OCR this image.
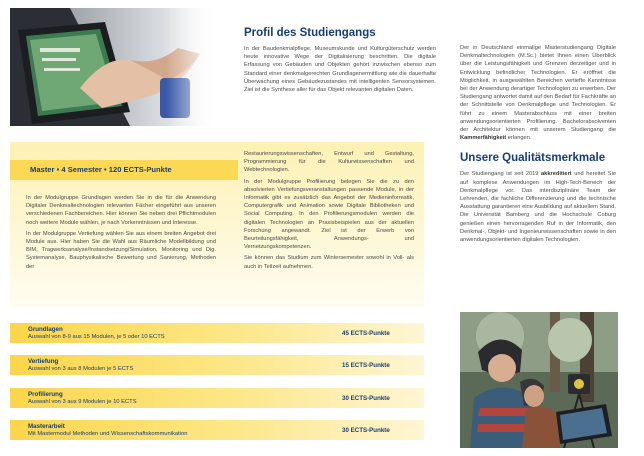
Profil des Studiengangs

In der Baudenkmalpflege, Museumskunde und Kulturgüterschutz werden heute innovative Wege der Digitalisierung beschritten. Die digitale Erfassung von Gebäuden und Objekten gehört inzwischen ebenso zum Standard einer denkmalgerechten Grundlagenermittlung wie die dauerhafte Überwachung eines Gebäudezustandes mit intelligenten Sensorsystemen. Ziel ist die Synthese aller für das Objekt relevanten digitalen Daten.

Der in Deutschland einmalige Masterstudiengang Digitale Denkmaltechnologien (M.Sc.) bietet Ihnen einen Überblick über die Leistungsfähigkeit und Grenzen derzeitiger und in Entwicklung befindlicher Technologien. Er eröffnet die Möglichkeit, in ausgewählten Bereichen vertiefte Kenntnisse bei der Anwendung derartiger Technologien zu erwerben. Der Studiengang antwortet damit auf den Bedarf für Fachkräfte an der Schnittstelle von Denkmalpflege und Technologien. Er führt zu einem Masterabschluss mit einer breiten anwendungsorientierten Profilierung. Bachelorabsolventen der Architektur können mit unserem Studiengang die Kammerfähigkeit erlangen.

Unsere Qualitätsmerkmale

Der Studiengang ist seit 2019 akkreditiert und hereitet Sie auf komplexe Anwendungen im High-Tech-Bereich der Denkmalpflege vor. Das interdisziplinäre Team der Lehrenden, die fachliche Differenzierung und die technische Ausstattung garantieren eine Ausbildung auf aktuellem Stand. Die Universität Bamberg und die Hochschule Coburg genießen einen hervorragenden Ruf in der Informatik, den Denkmal-, Objekt- und Ingenieurwissenschaften sowie in den anwendungsorientierten digitalen Technologien.

Master • 4 Semester • 120 ECTS-Punkte

In der Modulgruppe Grundlagen werden Sie in die für die Anwendung Digitaler Denkmaltechnologien relevanten Fächer eingeführt aus unseren verschiedenen Fachbereichen. Hier können Sie neben drei Pflichtmodulen noch weitere Module wählen, je nach Vorkenntnissen und Interesse.

In der Modulgruppe Vertiefung wählen Sie aus einem breiten Angebot drei Module aus. Hier haben Sie die Wahl aus Räumliche Modellbildung und BIM, Tragwerksanalyse/Instandsetzung/Simulation, Monitoring und Dig. Systemanalyse, Bauphysikalische Bewertung und Sanierung, Methoden der

Restaurierungswissenschaften, Entwurf und Gestaltung, Programmierung für die Kulturwissenschaften und Webtechnologien.

In der Modulgruppe Profilierung belegen Sie die zu den absolvierten Vertiefungsveranstaltungen passende Module, in der Informatik gibt es zusätzlich das Angebot der Medieninformatik, Computergrafik und Animation sowie Digitale Bibliotheken und Social Computing. In den Profilierungsmodulen werden die digitalen Technologien an Praxisbeispielen aus der aktuellen Forschung angewandt. Ziel ist der Erwerb von Beurteilungsfähigkeit, Anwendungs- und Vernetzungskompetenzen.

Sie können das Studium zum Wintersemester sowohl in Voll- als auch in Teilzeit aufnehmen.

Grundlagen
Auswahl von 8-9 aus 15 Modulen, je 5 oder 10 ECTS	45 ECTS-Punkte
Vertiefung
Auswahl von 3 aus 8 Modulen je 5 ECTS	15 ECTS-Punkte
Profilierung
Auswahl von 3 aus 9 Modulen je 10 ECTS	30 ECTS-Punkte
Masterarbeit
Mit Mastermodul Methoden und Wissenschaftskommunikation	30 ECTS-Punkte
